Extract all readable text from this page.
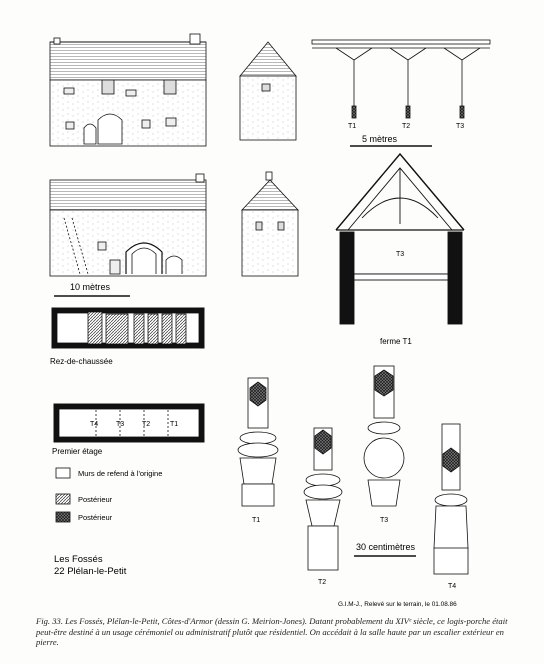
T1	T2	T3
5 mètres
10 mètres
T3
ferme T1
Rez-de-chaussée
T4	T3	T2	T1
Premier étage
Murs de refend à l'origine
Postérieur
Postérieur
Les Fossés
22 Plélan-le-Petit
T1
T2
T3
T4
30 centimètres
G.I.M-J., Relevé sur le terrain, le 01.08.86
Fig. 33. Les Fossés, Plélan-le-Petit, Côtes-d'Armor (dessin G. Meirion-Jones). Datant probablement du XIVᵉ siècle, ce logis-porche était peut-être destiné à un usage cérémoniel ou administratif plutôt que résidentiel. On accédait à la salle haute par un escalier extérieur en pierre.
